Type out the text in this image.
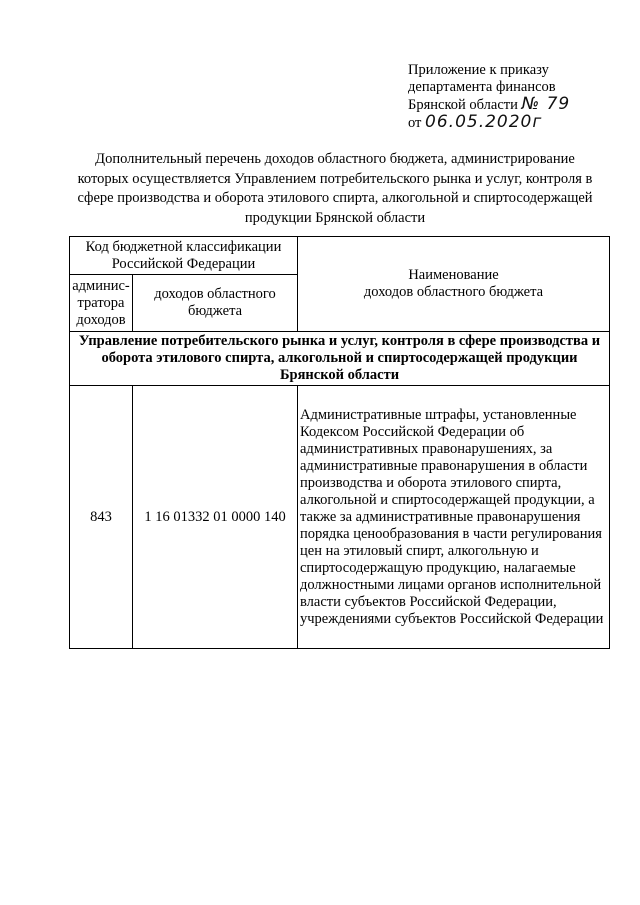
Приложение к приказу
департамента финансов
Брянской области № 79
от 06.05.2020г
Дополнительный перечень доходов областного бюджета, администрирование которых осуществляется Управлением потребительского рынка и услуг, контроля в сфере производства и оборота этилового спирта, алкогольной и спиртосодержащей продукции Брянской области
Код бюджетной классификации Российской Федерации		Наименование
доходов областного бюджета
админис-тратора доходов	доходов областного бюджета	
Управление потребительского рынка и услуг, контроля в сфере производства и оборота этилового спирта, алкогольной и спиртосодержащей продукции Брянской области		
843	1 16 01332 01 0000 140	Административные штрафы, установленные Кодексом Российской Федерации об административных правонарушениях, за административные правонарушения в области производства и оборота этилового спирта, алкогольной и спиртосодержащей продукции, а также за административные правонарушения порядка ценообразования в части регулирования цен на этиловый спирт, алкогольную и спиртосодержащую продукцию, налагаемые должностными лицами органов исполнительной власти субъектов Российской Федерации, учреждениями субъектов Российской Федерации
